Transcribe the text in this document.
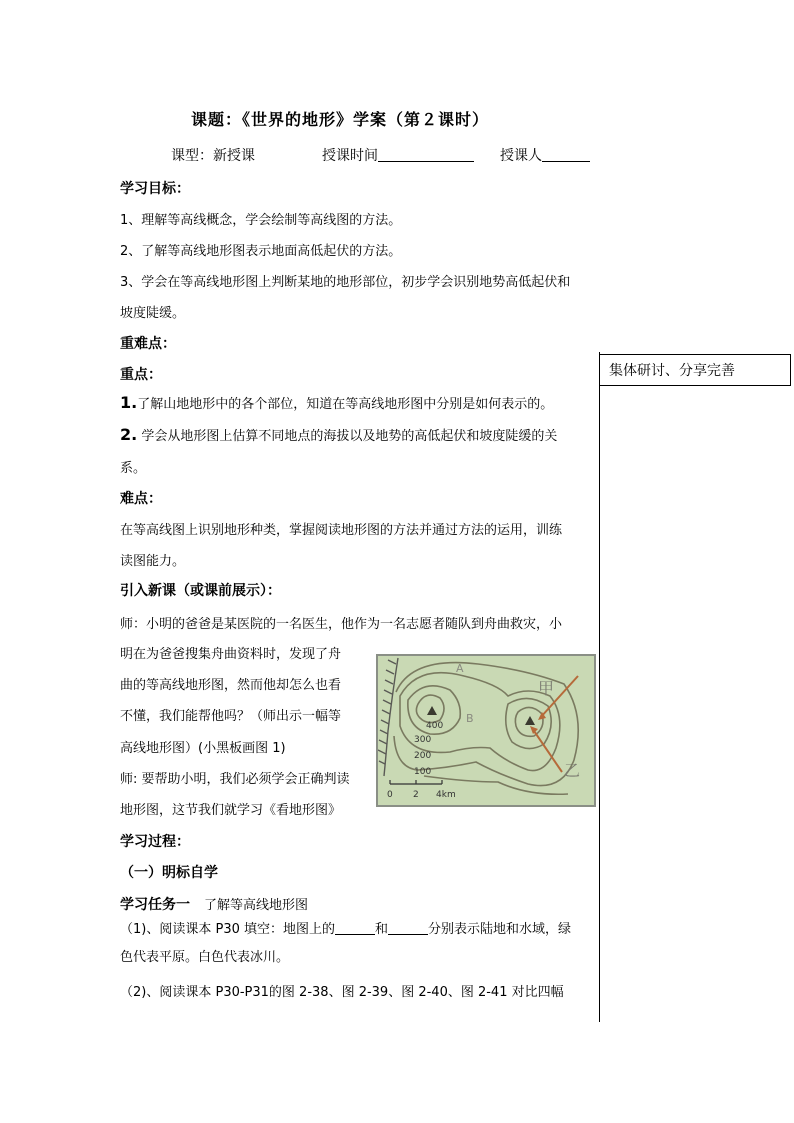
课题：《世界的地形》学案（第２课时）
课型：新授课	授课时间	授课人
学习目标：
1、理解等高线概念，学会绘制等高线图的方法。
2、了解等高线地形图表示地面高低起伏的方法。
3、学会在等高线地形图上判断某地的地形部位，初步学会识别地势高低起伏和
坡度陡缓。
重难点：
重点：
1.了解山地地形中的各个部位，知道在等高线地形图中分别是如何表示的。
2. 学会从地形图上估算不同地点的海拔以及地势的高低起伏和坡度陡缓的关
系。
难点：
在等高线图上识别地形种类，掌握阅读地形图的方法并通过方法的运用，训练
读图能力。
集体研讨、分享完善
引入新课（或课前展示）：
师：小明的爸爸是某医院的一名医生，他作为一名志愿者随队到舟曲救灾，小
明在为爸爸搜集舟曲资料时，发现了舟
曲的等高线地形图，然而他却怎么也看
不懂，我们能帮他吗？（师出示一幅等
高线地形图）(小黑板画图 1)
师: 要帮助小明，我们必须学会正确判读
地形图，这节我们就学习《看地形图》
A
B
甲
乙
400
300
200
100
0 2 4km
学习过程：
（一）明标自学
学习任务一 了解等高线地形图
（1)、阅读课本 P30 填空：地图上的	和	分别表示陆地和水域，绿
色代表平原。白色代表冰川。
（2)、阅读课本 P30-P31的图 2-38、图 2-39、图 2-40、图 2-41 对比四幅
